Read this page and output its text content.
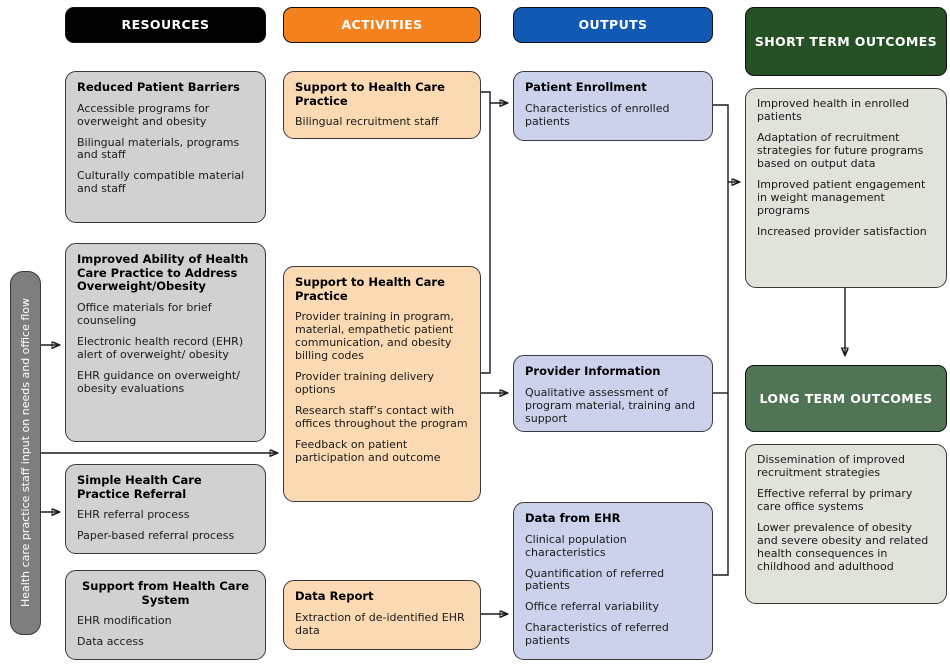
RESOURCES	ACTIVITIES	OUTPUTS
SHORT TERM OUTCOMES
LONG TERM OUTCOMES
Health care practice staff input on needs and office flow
Reduced Patient Barriers

Accessible programs for overweight and obesity

Bilingual materials, programs and staff

Culturally compatible material and staff

Improved Ability of Health Care Practice to Address Overweight/Obesity

Office materials for brief counseling

Electronic health record (EHR) alert of overweight/ obesity

EHR guidance on overweight/ obesity evaluations

Simple Health Care Practice Referral

EHR referral process

Paper-based referral process

Support from Health Care System

EHR modification

Data access

Support to Health Care Practice

Bilingual recruitment staff

Support to Health Care Practice

Provider training in program, material, empathetic patient communication, and obesity billing codes

Provider training delivery options

Research staff’s contact with offices throughout the program

Feedback on patient participation and outcome

Data Report

Extraction of de-identified EHR data

Patient Enrollment

Characteristics of enrolled patients

Provider Information

Qualitative assessment of program material, training and support

Data from EHR

Clinical population characteristics

Quantification of referred patients

Office referral variability

Characteristics of referred patients

Improved health in enrolled patients

Adaptation of recruitment strategies for future programs based on output data

Improved patient engagement in weight management programs

Increased provider satisfaction

Dissemination of improved recruitment strategies

Effective referral by primary care office systems

Lower prevalence of obesity and severe obesity and related health consequences in childhood and adulthood
